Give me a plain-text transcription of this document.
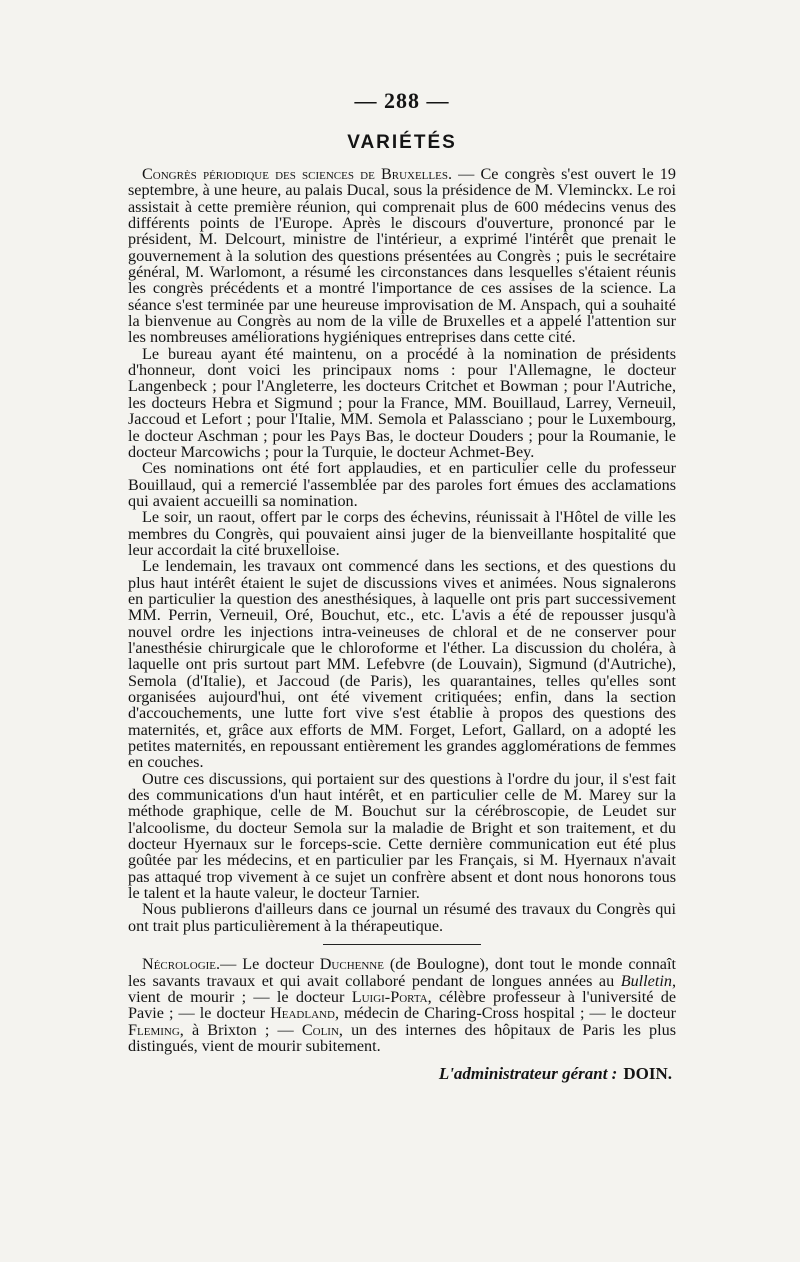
— 288 —
VARIÉTÉS

Congrès périodique des sciences de Bruxelles. — Ce congrès s'est ouvert le 19 septembre, à une heure, au palais Ducal, sous la présidence de M. Vleminckx. Le roi assistait à cette première réunion, qui comprenait plus de 600 médecins venus des différents points de l'Europe. Après le discours d'ouverture, prononcé par le président, M. Delcourt, ministre de l'intérieur, a exprimé l'intérêt que prenait le gouvernement à la solution des questions présentées au Congrès ; puis le secrétaire général, M. Warlomont, a résumé les circonstances dans lesquelles s'étaient réunis les congrès précédents et a montré l'importance de ces assises de la science. La séance s'est terminée par une heureuse improvisation de M. Anspach, qui a souhaité la bienvenue au Congrès au nom de la ville de Bruxelles et a appelé l'attention sur les nombreuses améliorations hygiéniques entreprises dans cette cité.

Le bureau ayant été maintenu, on a procédé à la nomination de présidents d'honneur, dont voici les principaux noms : pour l'Allemagne, le docteur Langenbeck ; pour l'Angleterre, les docteurs Critchet et Bowman ; pour l'Autriche, les docteurs Hebra et Sigmund ; pour la France, MM. Bouillaud, Larrey, Verneuil, Jaccoud et Lefort ; pour l'Italie, MM. Semola et Palassciano ; pour le Luxembourg, le docteur Aschman ; pour les Pays Bas, le docteur Douders ; pour la Roumanie, le docteur Marcowichs ; pour la Turquie, le docteur Achmet-Bey.

Ces nominations ont été fort applaudies, et en particulier celle du professeur Bouillaud, qui a remercié l'assemblée par des paroles fort émues des acclamations qui avaient accueilli sa nomination.

Le soir, un raout, offert par le corps des échevins, réunissait à l'Hôtel de ville les membres du Congrès, qui pouvaient ainsi juger de la bienveillante hospitalité que leur accordait la cité bruxelloise.

Le lendemain, les travaux ont commencé dans les sections, et des questions du plus haut intérêt étaient le sujet de discussions vives et animées. Nous signalerons en particulier la question des anesthésiques, à laquelle ont pris part successivement MM. Perrin, Verneuil, Oré, Bouchut, etc., etc. L'avis a été de repousser jusqu'à nouvel ordre les injections intra-veineuses de chloral et de ne conserver pour l'anesthésie chirurgicale que le chloroforme et l'éther. La discussion du choléra, à laquelle ont pris surtout part MM. Lefebvre (de Louvain), Sigmund (d'Autriche), Semola (d'Italie), et Jaccoud (de Paris), les quarantaines, telles qu'elles sont organisées aujourd'hui, ont été vivement critiquées; enfin, dans la section d'accouchements, une lutte fort vive s'est établie à propos des questions des maternités, et, grâce aux efforts de MM. Forget, Lefort, Gallard, on a adopté les petites maternités, en repoussant entièrement les grandes agglomérations de femmes en couches.

Outre ces discussions, qui portaient sur des questions à l'ordre du jour, il s'est fait des communications d'un haut intérêt, et en particulier celle de M. Marey sur la méthode graphique, celle de M. Bouchut sur la cérébroscopie, de Leudet sur l'alcoolisme, du docteur Semola sur la maladie de Bright et son traitement, et du docteur Hyernaux sur le forceps-scie. Cette dernière communication eut été plus goûtée par les médecins, et en particulier par les Français, si M. Hyernaux n'avait pas attaqué trop vivement à ce sujet un confrère absent et dont nous honorons tous le talent et la haute valeur, le docteur Tarnier.

Nous publierons d'ailleurs dans ce journal un résumé des travaux du Congrès qui ont trait plus particulièrement à la thérapeutique.

Nécrologie.— Le docteur Duchenne (de Boulogne), dont tout le monde connaît les savants travaux et qui avait collaboré pendant de longues années au Bulletin, vient de mourir ; — le docteur Luigi-Porta, célèbre professeur à l'université de Pavie ; — le docteur Headland, médecin de Charing-Cross hospital ; — le docteur Fleming, à Brixton ; — Colin, un des internes des hôpitaux de Paris les plus distingués, vient de mourir subitement.

L'administrateur gérant : DOIN.
